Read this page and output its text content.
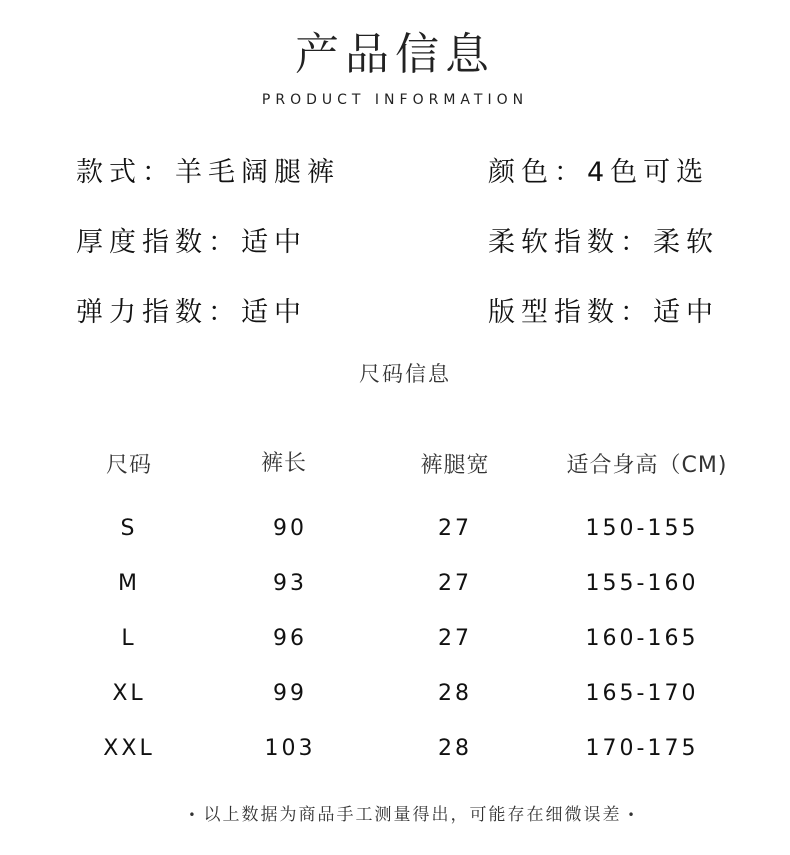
产品信息
PRODUCT INFORMATION
款式：羊毛阔腿裤	颜色：4色可选
厚度指数：适中	柔软指数：柔软
弹力指数：适中	版型指数：适中
尺码信息
尺码	裤长	裤腿宽	适合身高（CM)
S	90	27	150-155
M	93	27	155-160
L	96	27	160-165
XL	99	28	165-170
XXL	103	28	170-175
• 以上数据为商品手工测量得出，可能存在细微误差 •
